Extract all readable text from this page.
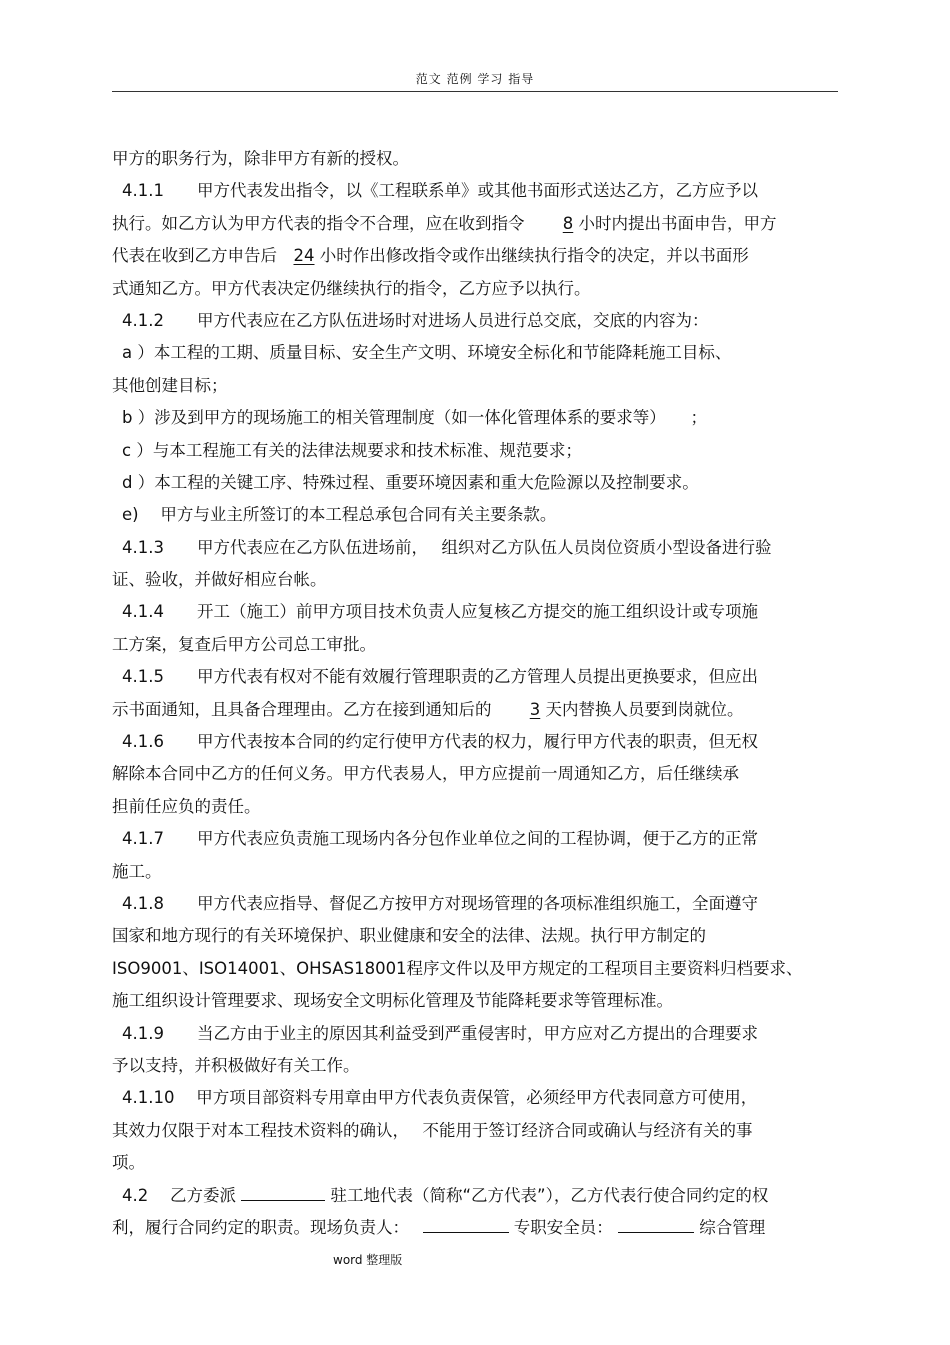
范文 范例 学习 指导
甲方的职务行为，除非甲方有新的授权。
4.1.1　　甲方代表发出指令，以《工程联系单》或其他书面形式送达乙方，乙方应予以
执行。如乙方认为甲方代表的指令不合理，应在收到指令　　 8 小时内提出书面申告，甲方
代表在收到乙方申告后　24 小时作出修改指令或作出继续执行指令的决定，并以书面形
式通知乙方。甲方代表决定仍继续执行的指令，乙方应予以执行。
4.1.2　　甲方代表应在乙方队伍进场时对进场人员进行总交底，交底的内容为：
a ）本工程的工期、质量目标、安全生产文明、环境安全标化和节能降耗施工目标、
其他创建目标；
b ）涉及到甲方的现场施工的相关管理制度（如一体化管理体系的要求等）　　；
c ）与本工程施工有关的法律法规要求和技术标准、规范要求；
d ）本工程的关键工序、特殊过程、重要环境因素和重大危险源以及控制要求。
e)　 甲方与业主所签订的本工程总承包合同有关主要条款。
4.1.3　　甲方代表应在乙方队伍进场前，　 组织对乙方队伍人员岗位资质小型设备进行验
证、验收，并做好相应台帐。
4.1.4　　开工（施工）前甲方项目技术负责人应复核乙方提交的施工组织设计或专项施
工方案，复查后甲方公司总工审批。
4.1.5　　甲方代表有权对不能有效履行管理职责的乙方管理人员提出更换要求，但应出
示书面通知，且具备合理理由。乙方在接到通知后的　　 3 天内替换人员要到岗就位。
4.1.6　　甲方代表按本合同的约定行使甲方代表的权力，履行甲方代表的职责，但无权
解除本合同中乙方的任何义务。甲方代表易人，甲方应提前一周通知乙方，后任继续承
担前任应负的责任。
4.1.7　　甲方代表应负责施工现场内各分包作业单位之间的工程协调，便于乙方的正常
施工。
4.1.8　　甲方代表应指导、督促乙方按甲方对现场管理的各项标准组织施工，全面遵守
国家和地方现行的有关环境保护、职业健康和安全的法律、法规。执行甲方制定的
ISO9001、ISO14001、OHSAS18001程序文件以及甲方规定的工程项目主要资料归档要求、
施工组织设计管理要求、现场安全文明标化管理及节能降耗要求等管理标准。
4.1.9　　当乙方由于业主的原因其利益受到严重侵害时，甲方应对乙方提出的合理要求
予以支持，并积极做好有关工作。
4.1.10　 甲方项目部资料专用章由甲方代表负责保管，必须经甲方代表同意方可使用，
其效力仅限于对本工程技术资料的确认，　 不能用于签订经济合同或确认与经济有关的事
项。
4.2　 乙方委派	驻工地代表（简称“乙方代表”），乙方代表行使合同约定的权
利，履行合同约定的职责。现场负责人：　	专职安全员：	综合管理
word 整理版
